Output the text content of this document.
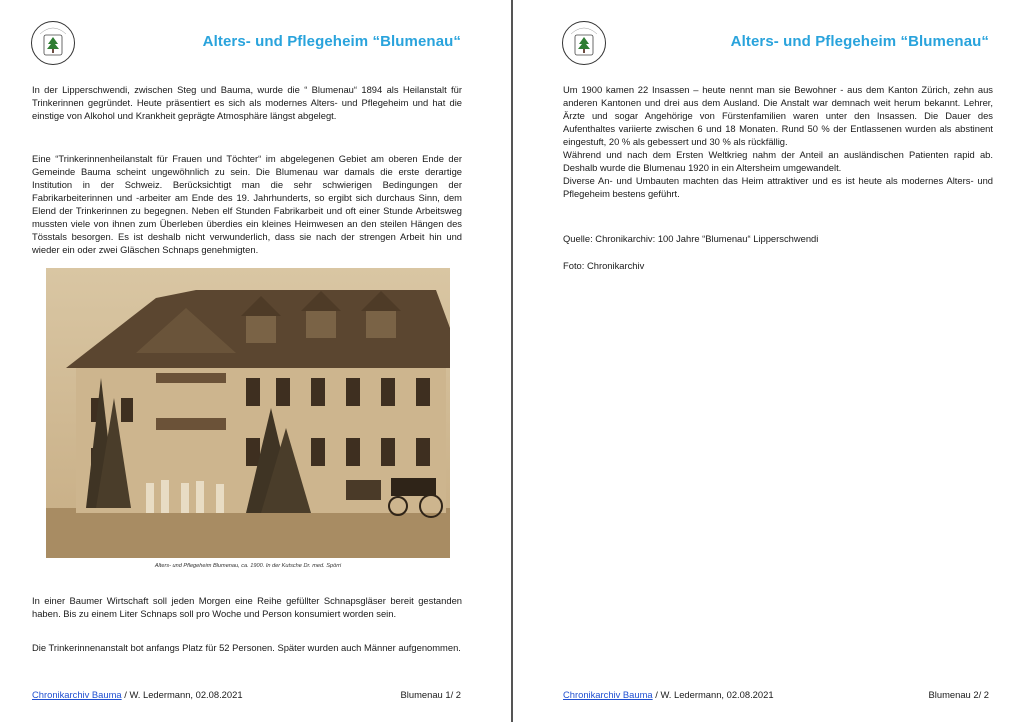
Alters- und Pflegeheim “Blumenau“
In der Lipperschwendi, zwischen Steg und Bauma, wurde die “ Blumenau“ 1894 als Heilanstalt für Trinkerinnen gegründet. Heute präsentiert es sich als modernes Alters- und Pflegeheim und hat die einstige von Alkohol und Krankheit geprägte Atmosphäre längst abgelegt.
Eine “Trinkerinnenheilanstalt für Frauen und Töchter“ im abgelegenen Gebiet am oberen Ende der Gemeinde Bauma scheint ungewöhnlich zu sein. Die Blumenau war damals die erste derartige Institution in der Schweiz. Berücksichtigt man die sehr schwierigen Bedingungen der Fabrikarbeiterinnen und -arbeiter am Ende des 19. Jahrhunderts, so ergibt sich durchaus Sinn, dem Elend der Trinkerinnen zu begegnen. Neben elf Stunden Fabrikarbeit und oft einer Stunde Arbeitsweg mussten viele von ihnen zum Überleben überdies ein kleines Heimwesen an den steilen Hängen des Tösstals besorgen. Es ist deshalb nicht verwunderlich, dass sie nach der strengen Arbeit hin und wieder ein oder zwei Gläschen Schnaps genehmigten.
Alters- und Pflegeheim Blumenau, ca. 1900. In der Kutsche Dr. med. Spörri
In einer Baumer Wirtschaft soll jeden Morgen eine Reihe gefüllter Schnapsgläser bereit gestanden haben. Bis zu einem Liter Schnaps soll pro Woche und Person konsumiert worden sein.
Die Trinkerinnenanstalt bot anfangs Platz für 52 Personen. Später wurden auch Männer aufgenommen.
Chronikarchiv Bauma / W. Ledermann, 02.08.2021	Blumenau 1/ 2
Alters- und Pflegeheim “Blumenau“

Um 1900 kamen 22 Insassen – heute nennt man sie Bewohner - aus dem Kanton Zürich, zehn aus anderen Kantonen und drei aus dem Ausland. Die Anstalt war demnach weit herum bekannt. Lehrer, Ärzte und sogar Angehörige von Fürstenfamilien waren unter den Insassen. Die Dauer des Aufenthaltes variierte zwischen 6 und 18 Monaten. Rund 50 % der Entlassenen wurden als abstinent eingestuft, 20 % als gebessert und 30 % als rückfällig.

Während und nach dem Ersten Weltkrieg nahm der Anteil an ausländischen Patienten rapid ab. Deshalb wurde die Blumenau 1920 in ein Altersheim umgewandelt.

Diverse An- und Umbauten machten das Heim attraktiver und es ist heute als modernes Alters- und Pflegeheim bestens geführt.

Quelle: Chronikarchiv: 100 Jahre “Blumenau“ Lipperschwendi
Foto: Chronikarchiv
Chronikarchiv Bauma / W. Ledermann, 02.08.2021	Blumenau 2/ 2
